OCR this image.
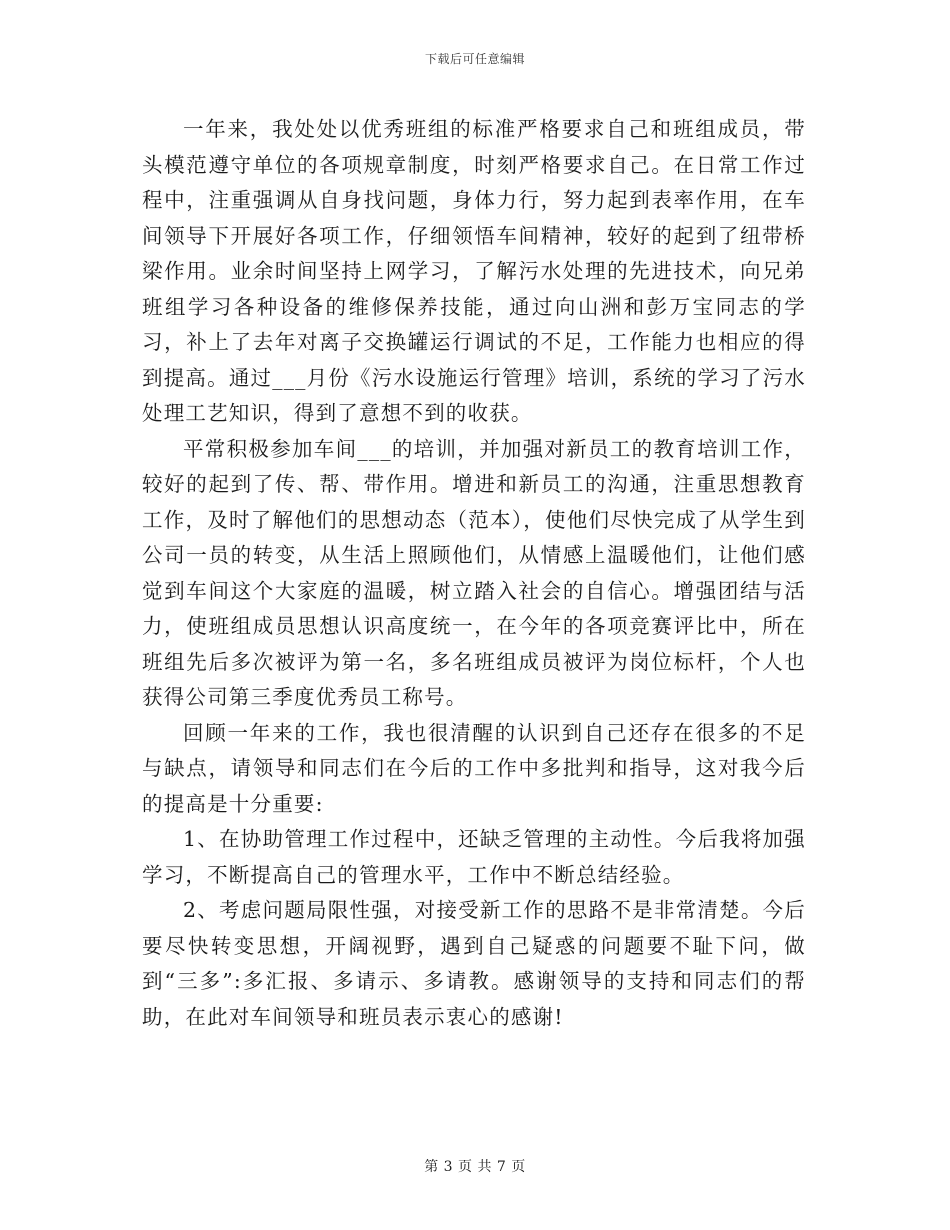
下载后可任意编辑

一年来，我处处以优秀班组的标准严格要求自己和班组成员，带头模范遵守单位的各项规章制度，时刻严格要求自己。在日常工作过程中，注重强调从自身找问题，身体力行，努力起到表率作用，在车间领导下开展好各项工作，仔细领悟车间精神，较好的起到了纽带桥梁作用。业余时间坚持上网学习，了解污水处理的先进技术，向兄弟班组学习各种设备的维修保养技能，通过向山洲和彭万宝同志的学习，补上了去年对离子交换罐运行调试的不足，工作能力也相应的得到提高。通过___月份《污水设施运行管理》培训，系统的学习了污水处理工艺知识，得到了意想不到的收获。

平常积极参加车间___的培训，并加强对新员工的教育培训工作，较好的起到了传、帮、带作用。增进和新员工的沟通，注重思想教育工作，及时了解他们的思想动态（范本），使他们尽快完成了从学生到公司一员的转变，从生活上照顾他们，从情感上温暖他们，让他们感觉到车间这个大家庭的温暖，树立踏入社会的自信心。增强团结与活力，使班组成员思想认识高度统一，在今年的各项竞赛评比中，所在班组先后多次被评为第一名，多名班组成员被评为岗位标杆，个人也获得公司第三季度优秀员工称号。

回顾一年来的工作，我也很清醒的认识到自己还存在很多的不足与缺点，请领导和同志们在今后的工作中多批判和指导，这对我今后的提高是十分重要:

1、在协助管理工作过程中，还缺乏管理的主动性。今后我将加强学习，不断提高自己的管理水平，工作中不断总结经验。

2、考虑问题局限性强，对接受新工作的思路不是非常清楚。今后要尽快转变思想，开阔视野，遇到自己疑惑的问题要不耻下问，做到“三多”:多汇报、多请示、多请教。感谢领导的支持和同志们的帮助，在此对车间领导和班员表示衷心的感谢!

第 3 页 共 7 页
